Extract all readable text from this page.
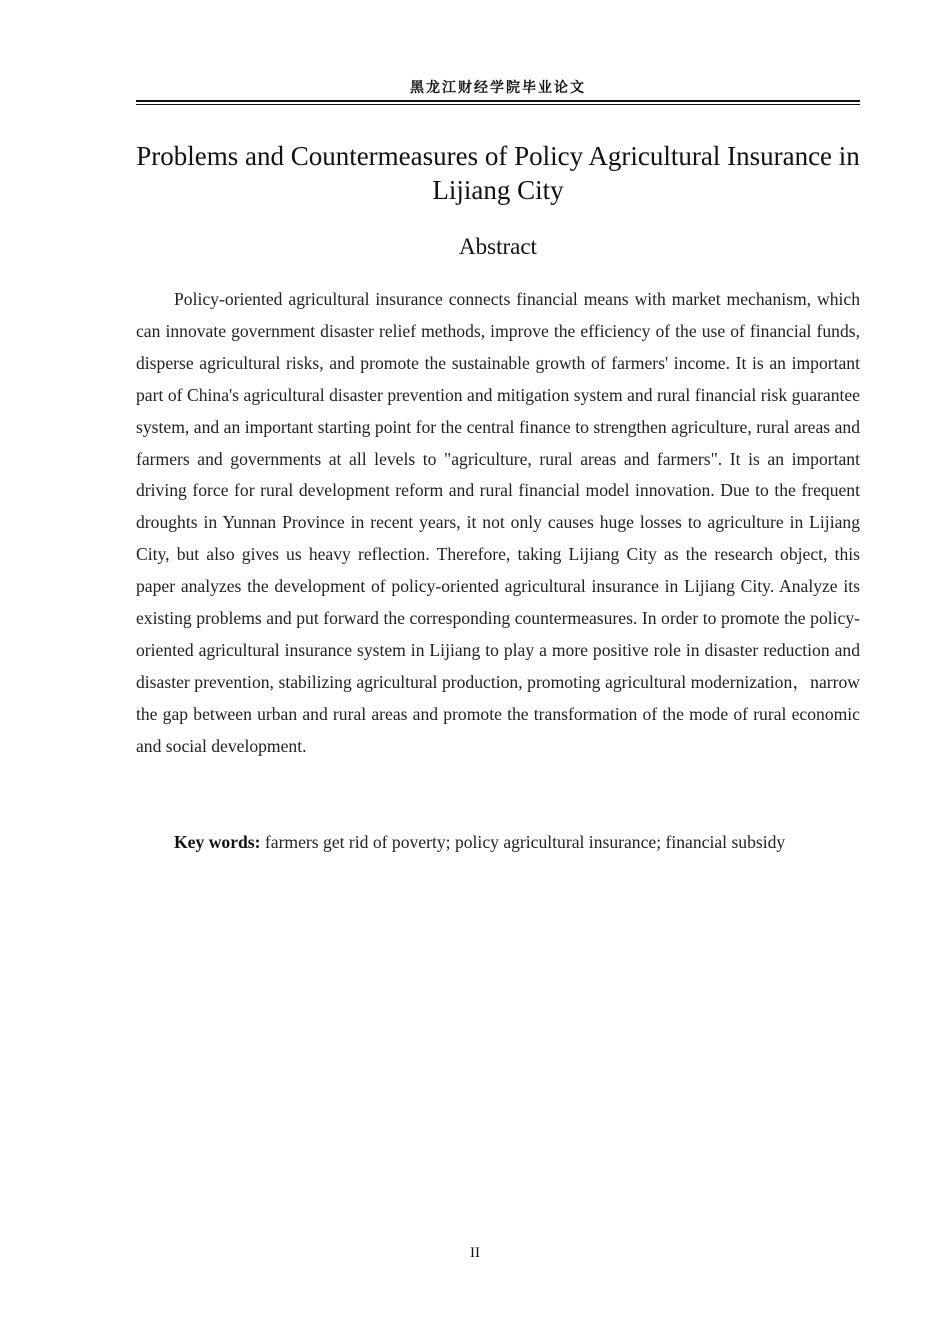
黑龙江财经学院毕业论文
Problems and Countermeasures of Policy Agricultural Insurance in Lijiang City
Abstract

Policy-oriented agricultural insurance connects financial means with market mechanism, which can innovate government disaster relief methods, improve the efficiency of the use of financial funds, disperse agricultural risks, and promote the sustainable growth of farmers' income. It is an important part of China's agricultural disaster prevention and mitigation system and rural financial risk guarantee system, and an important starting point for the central finance to strengthen agriculture, rural areas and farmers and governments at all levels to "agriculture, rural areas and farmers". It is an important driving force for rural development reform and rural financial model innovation. Due to the frequent droughts in Yunnan Province in recent years, it not only causes huge losses to agriculture in Lijiang City, but also gives us heavy reflection. Therefore, taking Lijiang City as the research object, this paper analyzes the development of policy-oriented agricultural insurance in Lijiang City. Analyze its existing problems and put forward the corresponding countermeasures. In order to promote the policy-oriented agricultural insurance system in Lijiang to play a more positive role in disaster reduction and disaster prevention, stabilizing agricultural production, promoting agricultural modernization，narrow the gap between urban and rural areas and promote the transformation of the mode of rural economic and social development.

Key words: farmers get rid of poverty; policy agricultural insurance; financial subsidy

II
